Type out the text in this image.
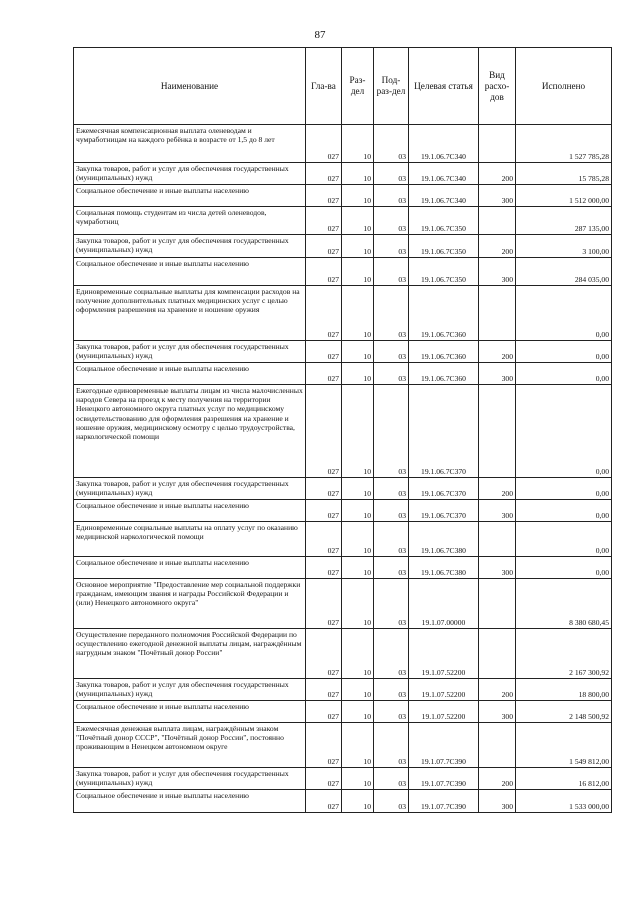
87
Наименование	Гла-ва	Раз-дел	Под-раз-дел	Целевая статья	Вид расхо-дов	Исполнено
Ежемесячная компенсационная выплата оленеводам и чумработницам на каждого ребёнка в возрасте от 1,5 до 8 лет	027	10	03	19.1.06.7С340		1 527 785,28
Закупка товаров, работ и услуг для обеспечения государственных (муниципальных) нужд	027	10	03	19.1.06.7С340	200	15 785,28
Социальное обеспечение и иные выплаты населению	027	10	03	19.1.06.7С340	300	1 512 000,00
Социальная помощь студентам из числа детей оленеводов, чумработниц	027	10	03	19.1.06.7С350		287 135,00
Закупка товаров, работ и услуг для обеспечения государственных (муниципальных) нужд	027	10	03	19.1.06.7С350	200	3 100,00
Социальное обеспечение и иные выплаты населению	027	10	03	19.1.06.7С350	300	284 035,00
Единовременные социальные выплаты для компенсации расходов на получение дополнительных платных медицинских услуг с целью оформления разрешения на хранение и ношение оружия	027	10	03	19.1.06.7С360		0,00
Закупка товаров, работ и услуг для обеспечения государственных (муниципальных) нужд	027	10	03	19.1.06.7С360	200	0,00
Социальное обеспечение и иные выплаты населению	027	10	03	19.1.06.7С360	300	0,00
Ежегодные единовременные выплаты лицам из числа малочисленных народов Севера на проезд к месту получения на территории Ненецкого автономного округа платных услуг по медицинскому освидетельствованию для оформления разрешения на хранение и ношение оружия, медицинскому осмотру с целью трудоустройства, наркологической помощи	027	10	03	19.1.06.7С370		0,00
Закупка товаров, работ и услуг для обеспечения государственных (муниципальных) нужд	027	10	03	19.1.06.7С370	200	0,00
Социальное обеспечение и иные выплаты населению	027	10	03	19.1.06.7С370	300	0,00
Единовременные социальные выплаты на оплату услуг по оказанию медицинской наркологической помощи	027	10	03	19.1.06.7С380		0,00
Социальное обеспечение и иные выплаты населению	027	10	03	19.1.06.7С380	300	0,00
Основное мероприятие "Предоставление мер социальной поддержки гражданам, имеющим звания и награды Российской Федерации и (или) Ненецкого автономного округа"	027	10	03	19.1.07.00000		8 380 680,45
Осуществление переданного полномочия Российской Федерации по осуществлению ежегодной денежной выплаты лицам, награждённым нагрудным знаком "Почётный донор России"	027	10	03	19.1.07.52200		2 167 300,92
Закупка товаров, работ и услуг для обеспечения государственных (муниципальных) нужд	027	10	03	19.1.07.52200	200	18 800,00
Социальное обеспечение и иные выплаты населению	027	10	03	19.1.07.52200	300	2 148 500,92
Ежемесячная денежная выплата лицам, награждённым знаком "Почётный донор СССР", "Почётный донор России", постоянно проживающим в Ненецком автономном округе	027	10	03	19.1.07.7С390		1 549 812,00
Закупка товаров, работ и услуг для обеспечения государственных (муниципальных) нужд	027	10	03	19.1.07.7С390	200	16 812,00
Социальное обеспечение и иные выплаты населению	027	10	03	19.1.07.7С390	300	1 533 000,00
